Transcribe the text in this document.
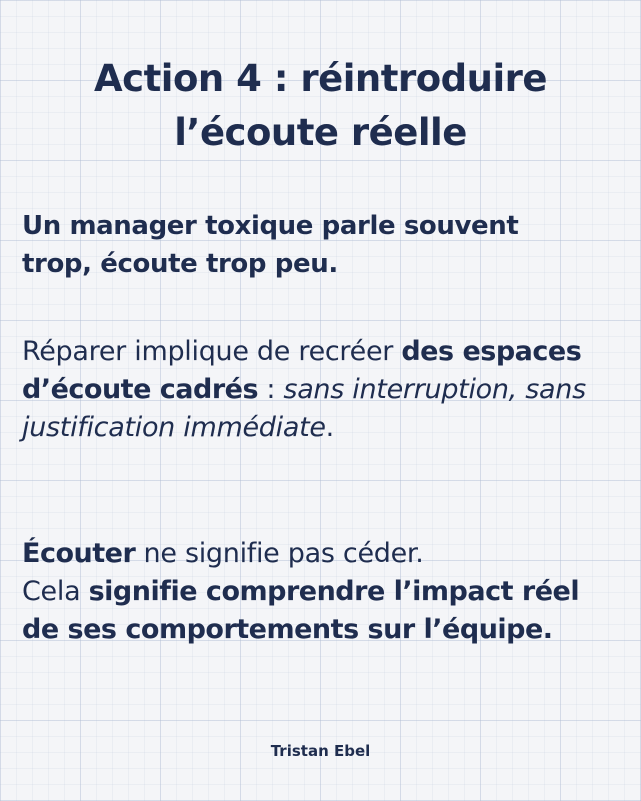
Action 4 : réintroduire
l’écoute réelle

Un manager toxique parle souvent
trop, écoute trop peu.

Réparer implique de recréer des espaces d’écoute cadrés : sans interruption, sans justification immédiate.

Écouter ne signifie pas céder.
Cela signifie comprendre l’impact réel de ses comportements sur l’équipe.

Tristan Ebel
